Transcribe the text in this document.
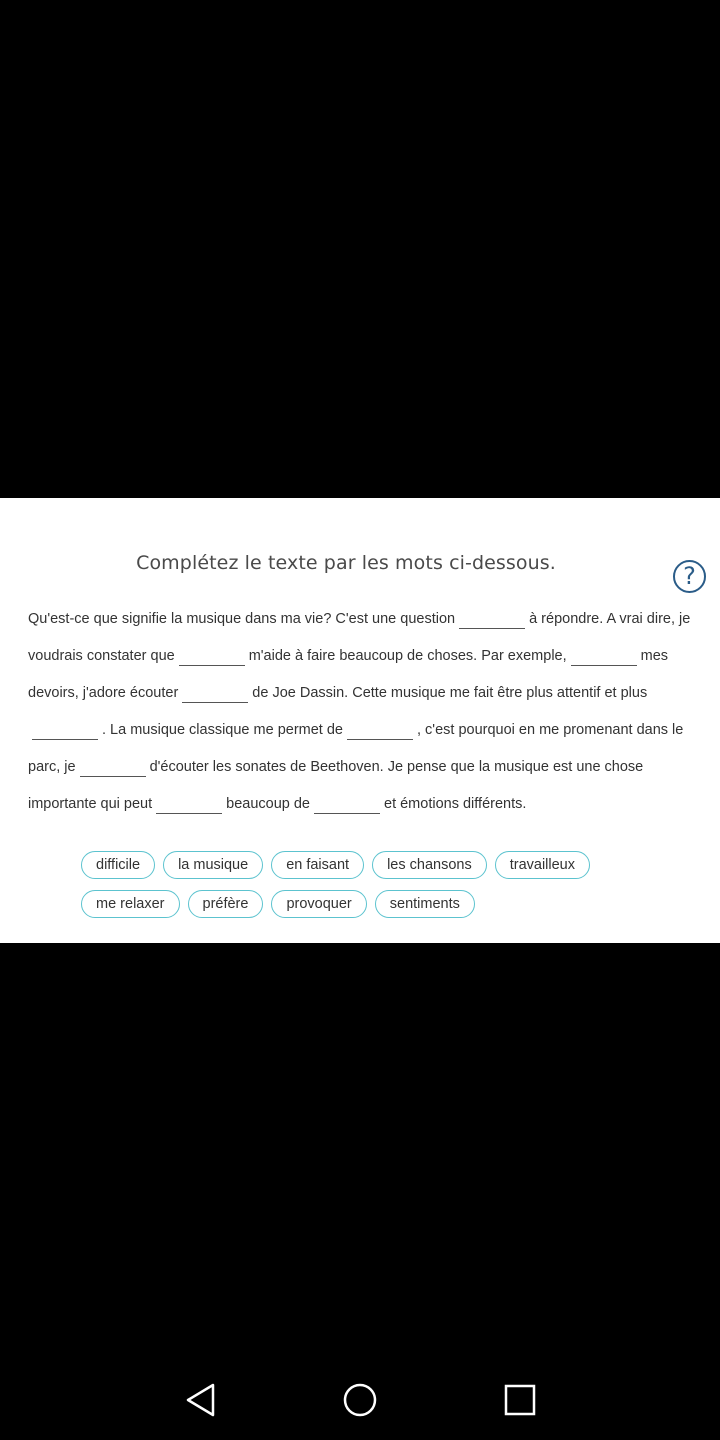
Complétez le texte par les mots ci-dessous.	?
Qu'est-ce que signifie la musique dans ma vie? C'est une question	à répondre. A vrai dire, je voudrais constater que	m'aide à faire beaucoup de choses. Par exemple,	mes devoirs, j'adore écouter	de Joe Dassin. Cette musique me fait être plus attentif et plus. La musique classique me permet de	, c'est pourquoi en me promenant dans le parc, je	d'écouter les sonates de Beethoven. Je pense que la musique est une chose importante qui peut	beaucoup de	et émotions différents.
difficile	la musique	en faisant	les chansons	travailleux
me relaxer	préfère	provoquer	sentiments
